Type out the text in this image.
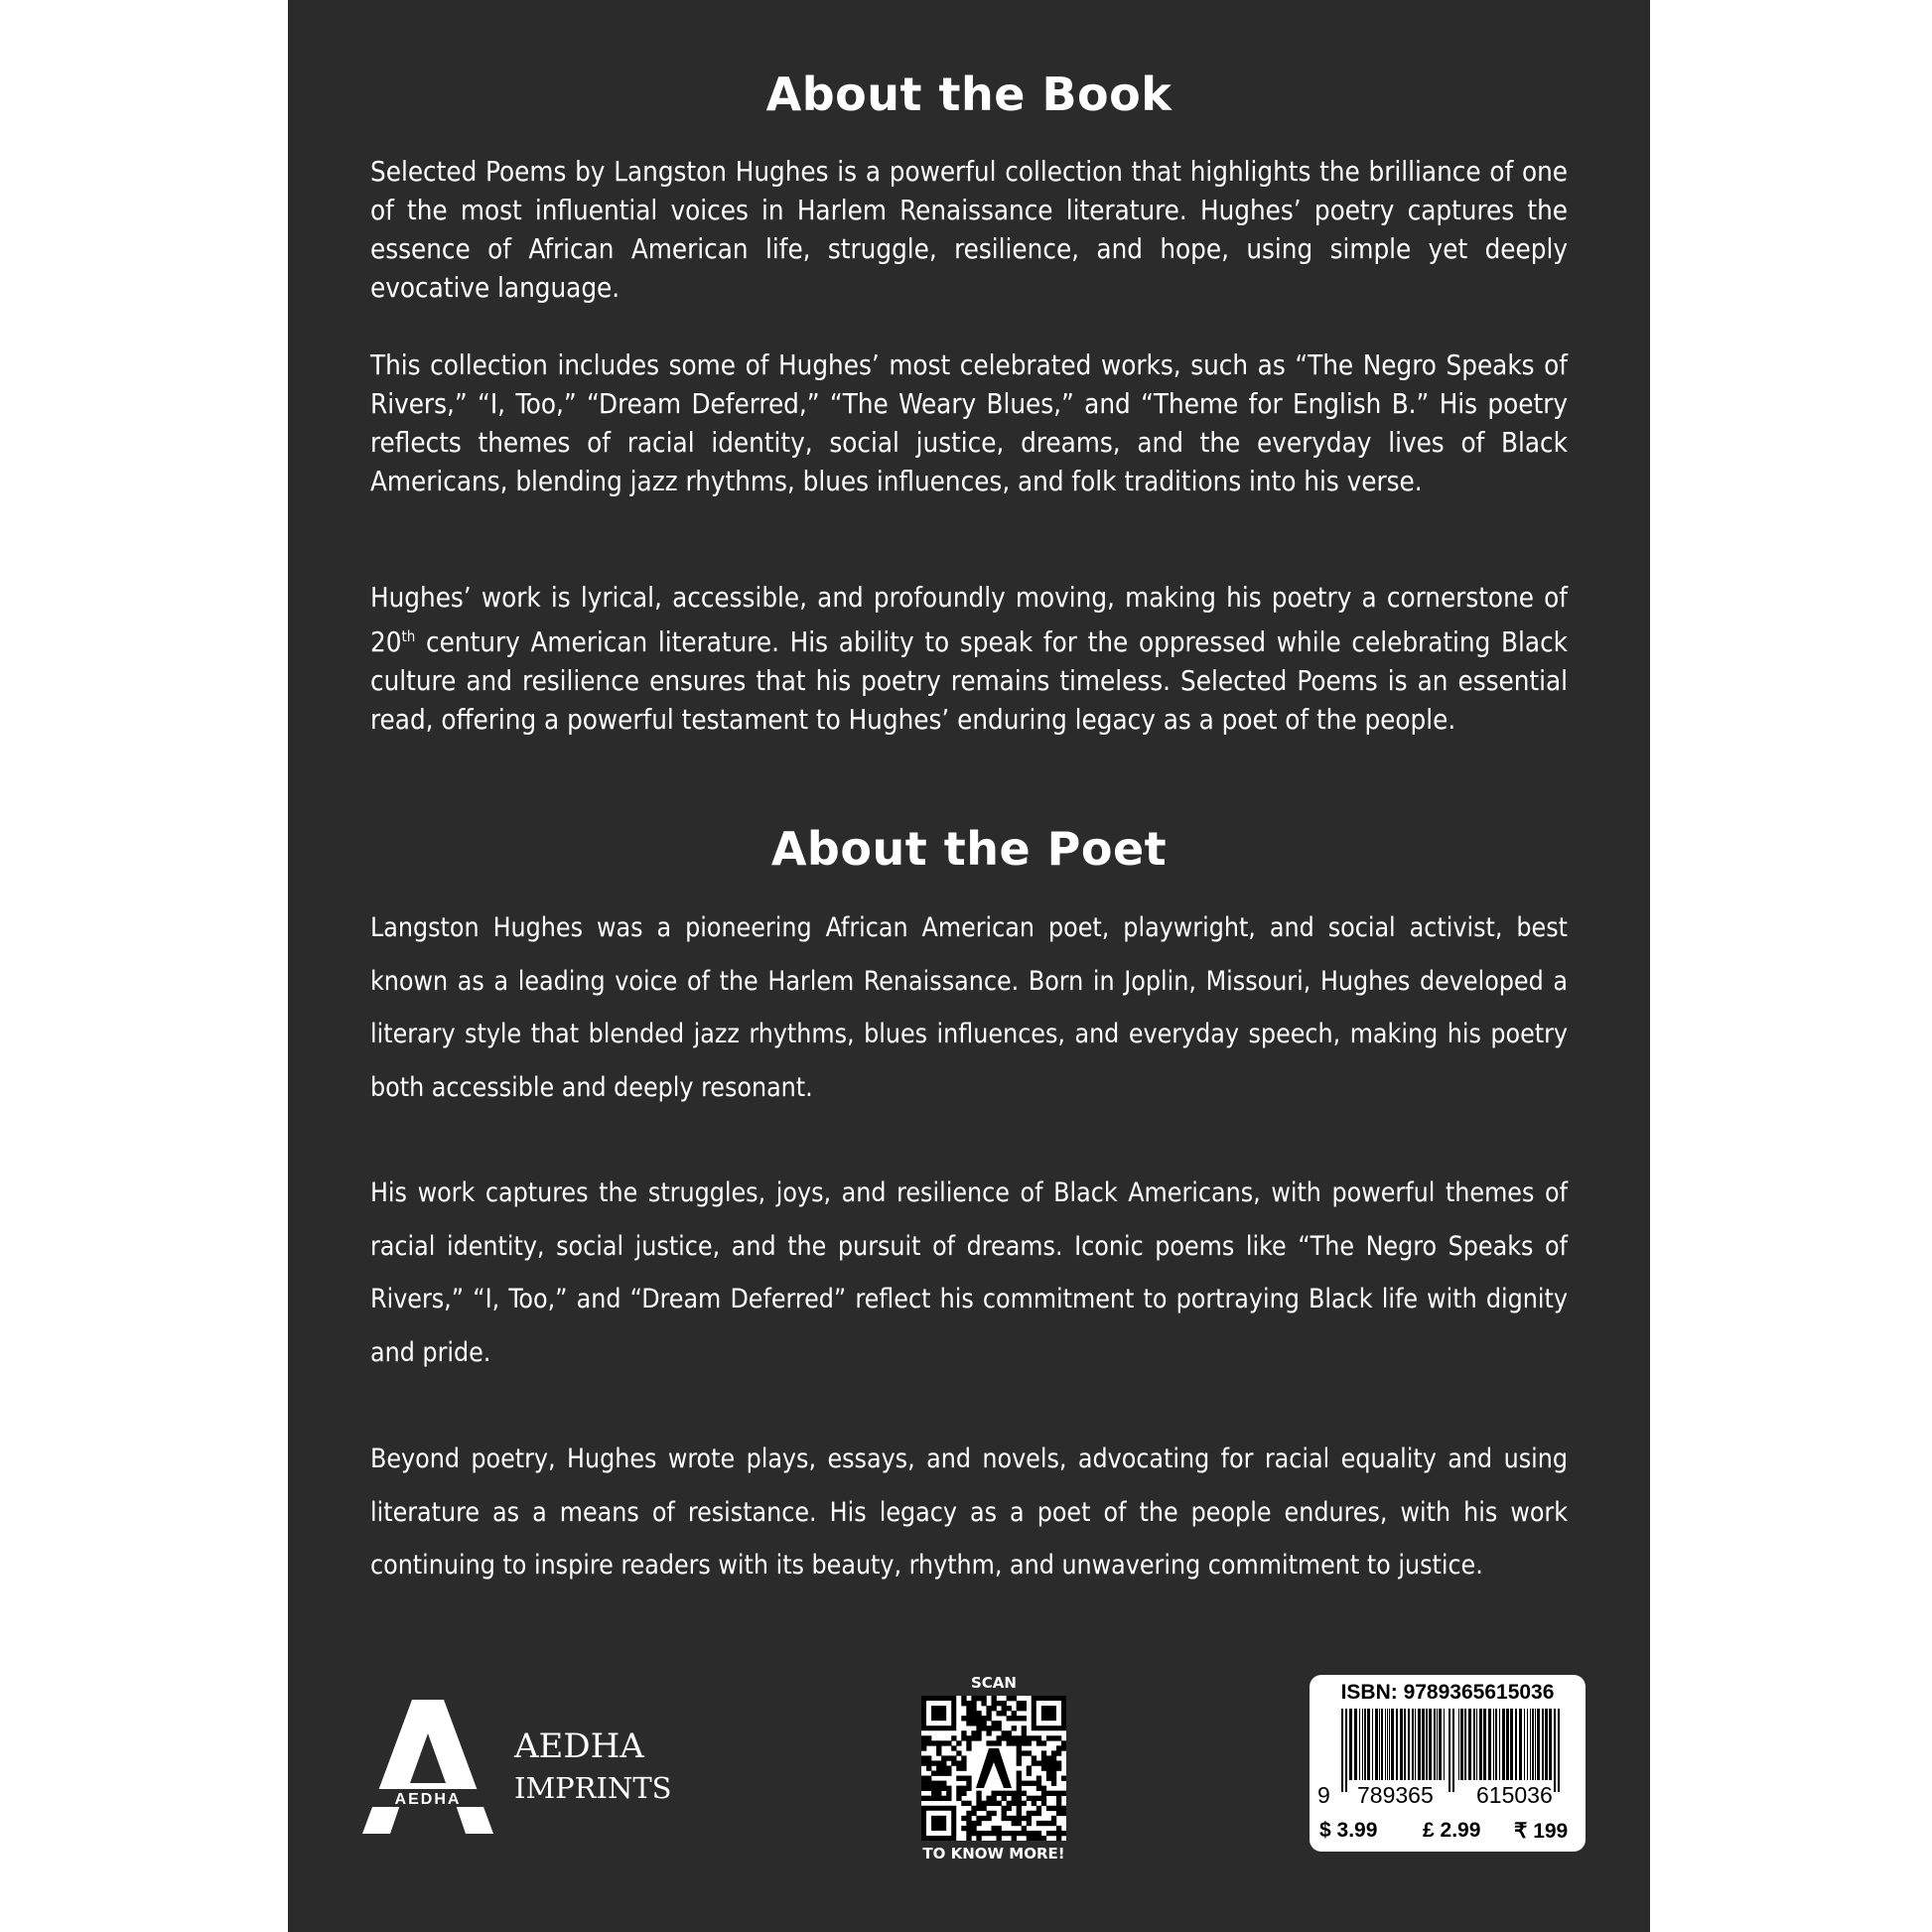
About the Book

Selected Poems by Langston Hughes is a powerful collection that highlights the brilliance of one of the most influential voices in Harlem Renaissance literature. Hughes’ poetry captures the essence of African American life, struggle, resilience, and hope, using simple yet deeply evocative language.

This collection includes some of Hughes’ most celebrated works, such as “The Negro Speaks of Rivers,” “I, Too,” “Dream Deferred,” “The Weary Blues,” and “Theme for English B.” His poetry reflects themes of racial identity, social justice, dreams, and the everyday lives of Black Americans, blending jazz rhythms, blues influences, and folk traditions into his verse.

Hughes’ work is lyrical, accessible, and profoundly moving, making his poetry a cornerstone of 20th century American literature. His ability to speak for the oppressed while celebrating Black culture and resilience ensures that his poetry remains timeless. Selected Poems is an essential read, offering a powerful testament to Hughes’ enduring legacy as a poet of the people.

About the Poet

Langston Hughes was a pioneering African American poet, playwright, and social activist, best known as a leading voice of the Harlem Renaissance. Born in Joplin, Missouri, Hughes developed a literary style that blended jazz rhythms, blues influences, and everyday speech, making his poetry both accessible and deeply resonant.

His work captures the struggles, joys, and resilience of Black Americans, with powerful themes of racial identity, social justice, and the pursuit of dreams. Iconic poems like “The Negro Speaks of Rivers,” “I, Too,” and “Dream Deferred” reflect his commitment to portraying Black life with dignity and pride.

Beyond poetry, Hughes wrote plays, essays, and novels, advocating for racial equality and using literature as a means of resistance. His legacy as a poet of the people endures, with his work continuing to inspire readers with its beauty, rhythm, and unwavering commitment to justice.

AEDHA
AEDHA
IMPRINTS
SCAN
TO KNOW MORE!
ISBN: 9789365615036
9 789365 615036
$ 3.99 £ 2.99 ₹ 199
